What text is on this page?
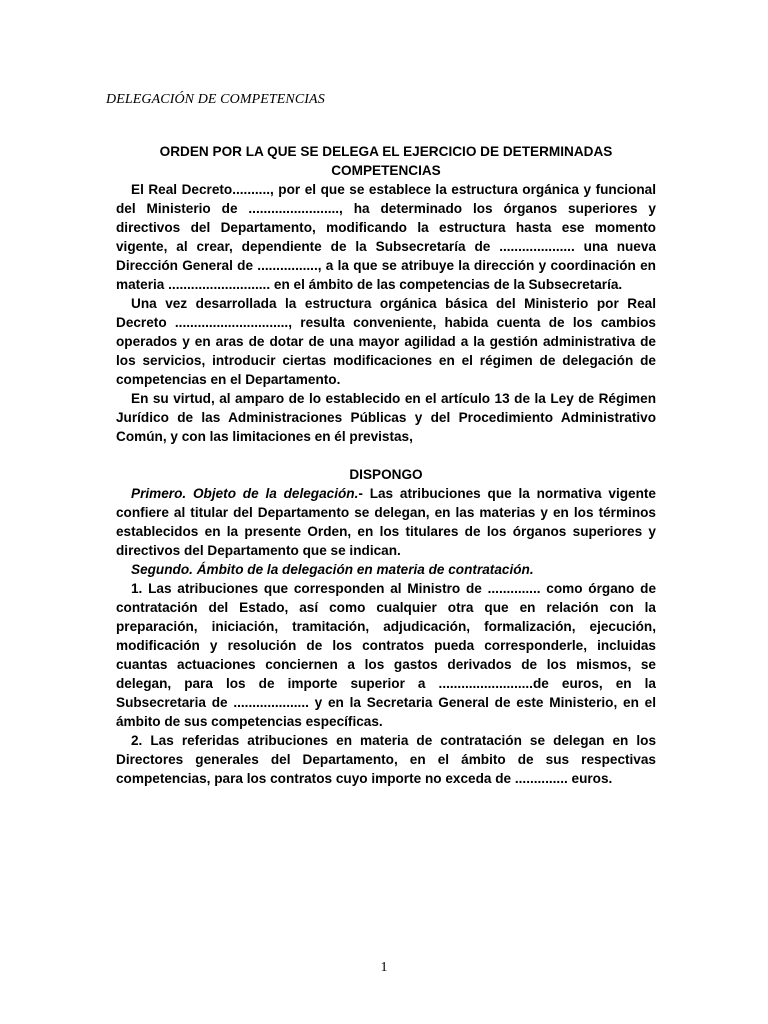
DELEGACIÓN DE COMPETENCIAS

ORDEN POR LA QUE SE DELEGA EL EJERCICIO DE DETERMINADAS COMPETENCIAS

El Real Decreto.........., por el que se establece la estructura orgánica y funcional del Ministerio de ........................, ha determinado los órganos superiores y directivos del Departamento, modificando la estructura hasta ese momento vigente, al crear, dependiente de la Subsecretaría de .................... una nueva Dirección General de ................, a la que se atribuye la dirección y coordinación en materia ........................... en el ámbito de las competencias de la Subsecretaría.

Una vez desarrollada la estructura orgánica básica del Ministerio por Real Decreto .............................., resulta conveniente, habida cuenta de los cambios operados y en aras de dotar de una mayor agilidad a la gestión administrativa de los servicios, introducir ciertas modificaciones en el régimen de delegación de competencias en el Departamento.

En su virtud, al amparo de lo establecido en el artículo 13 de la Ley de Régimen Jurídico de las Administraciones Públicas y del Procedimiento Administrativo Común, y con las limitaciones en él previstas,

DISPONGO

Primero. Objeto de la delegación.- Las atribuciones que la normativa vigente confiere al titular del Departamento se delegan, en las materias y en los términos establecidos en la presente Orden, en los titulares de los órganos superiores y directivos del Departamento que se indican.

Segundo. Ámbito de la delegación en materia de contratación.

1. Las atribuciones que corresponden al Ministro de .............. como órgano de contratación del Estado, así como cualquier otra que en relación con la preparación, iniciación, tramitación, adjudicación, formalización, ejecución, modificación y resolución de los contratos pueda corresponderle, incluidas cuantas actuaciones conciernen a los gastos derivados de los mismos, se delegan, para los de importe superior a .........................de euros, en la Subsecretaria de .................... y en la Secretaria General de este Ministerio, en el ámbito de sus competencias específicas.

2. Las referidas atribuciones en materia de contratación se delegan en los Directores generales del Departamento, en el ámbito de sus respectivas competencias, para los contratos cuyo importe no exceda de .............. euros.

1
